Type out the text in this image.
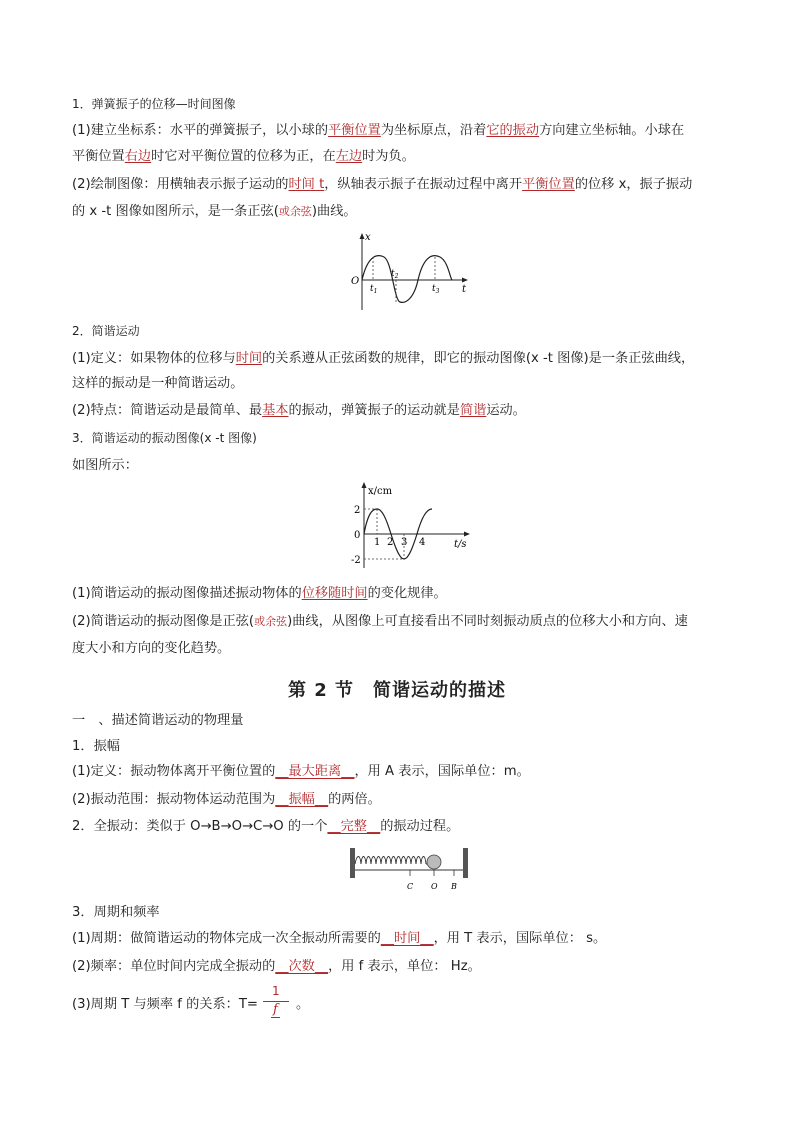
1．弹簧振子的位移—时间图像
(1)建立坐标系：水平的弹簧振子，以小球的平衡位置为坐标原点，沿着它的振动方向建立坐标轴。小球在
平衡位置右边时它对平衡位置的位移为正，在左边时为负。
(2)绘制图像：用横轴表示振子运动的时间 t，纵轴表示振子在振动过程中离开平衡位置的位移 x，振子振动
的 x -t 图像如图所示，是一条正弦(或余弦)曲线。
x
O
t
$t_1$
$t_2$
$t_3$
2．简谐运动
(1)定义：如果物体的位移与时间的关系遵从正弦函数的规律，即它的振动图像(x -t 图像)是一条正弦曲线，
这样的振动是一种简谐运动。
(2)特点：简谐运动是最简单、最基本的振动，弹簧振子的运动就是简谐运动。
3．简谐运动的振动图像(x -t 图像)
如图所示：
x/cm
t/s
2
0
-2
1 2 3 4
(1)简谐运动的振动图像描述振动物体的位移随时间的变化规律。
(2)简谐运动的振动图像是正弦(或余弦)曲线，从图像上可直接看出不同时刻振动质点的位移大小和方向、速
度大小和方向的变化趋势。
第 2 节　简谐运动的描述
一　、描述简谐运动的物理量
1．振幅
(1)定义：振动物体离开平衡位置的__最大距离__，用 A 表示，国际单位：m。
(2)振动范围：振动物体运动范围为__振幅__的两倍。
2．全振动：类似于 O→B→O→C→O 的一个__完整__的振动过程。
C O B
3．周期和频率
(1)周期：做简谐运动的物体完成一次全振动所需要的__时间__，用 T 表示，国际单位： s。
(2)频率：单位时间内完成全振动的__次数__，用 f 表示，单位： Hz。
(3)周期 T 与频率 f 的关系：T=	。
1
f
